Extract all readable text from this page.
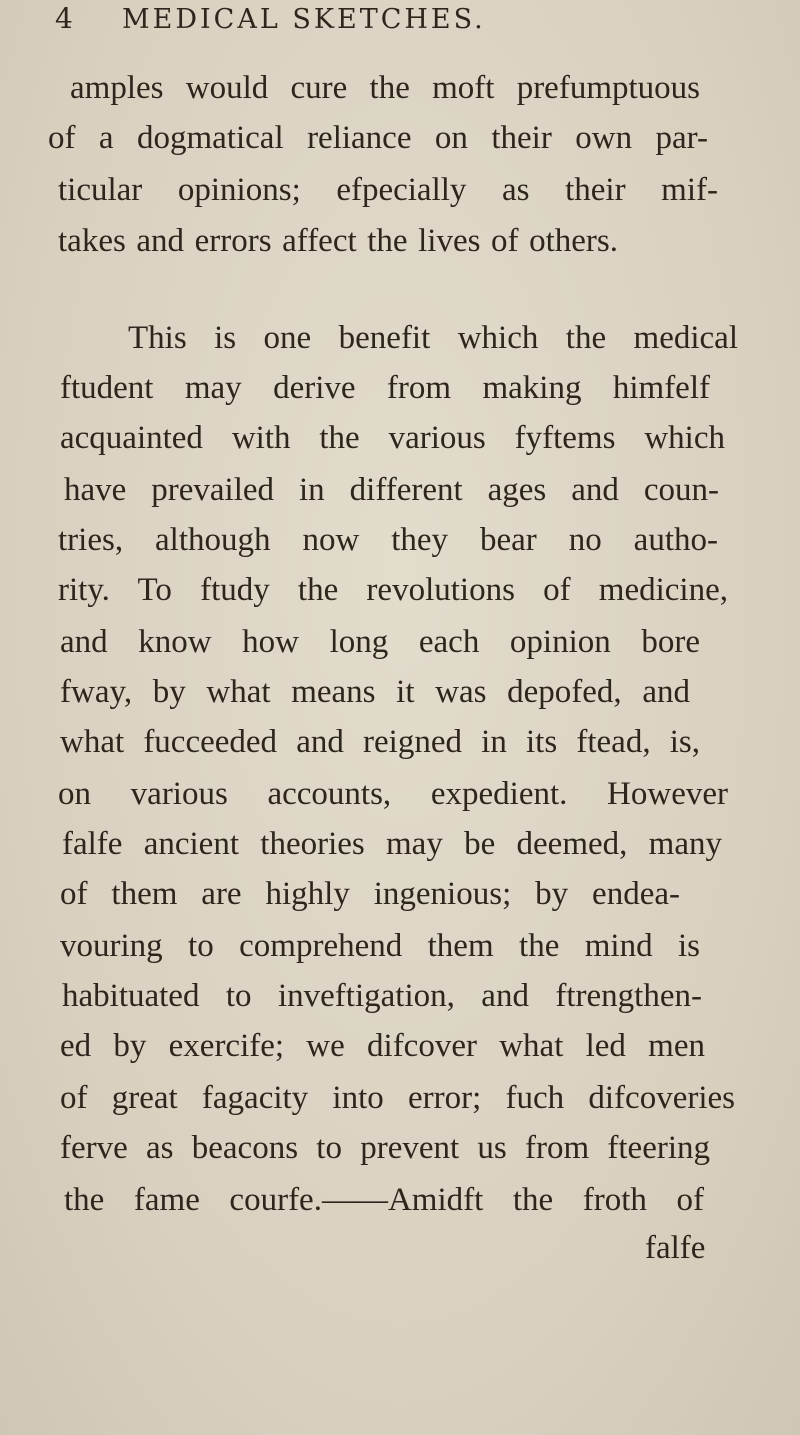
4 MEDICAL SKETCHES.
amples would cure the moft prefumptuous
of a dogmatical reliance on their own par-
ticular opinions; efpecially as their mif-
takes and errors affect the lives of others.
This is one benefit which the medical
ftudent may derive from making himfelf
acquainted with the various fyftems which
have prevailed in different ages and coun-
tries, although now they bear no autho-
rity. To ftudy the revolutions of medicine,
and know how long each opinion bore
fway, by what means it was depofed, and
what fucceeded and reigned in its ftead, is,
on various accounts, expedient. However
falfe ancient theories may be deemed, many
of them are highly ingenious; by endea-
vouring to comprehend them the mind is
habituated to inveftigation, and ftrengthen-
ed by exercife; we difcover what led men
of great fagacity into error; fuch difcoveries
ferve as beacons to prevent us from fteering
the fame courfe.——Amidft the froth of
falfe
